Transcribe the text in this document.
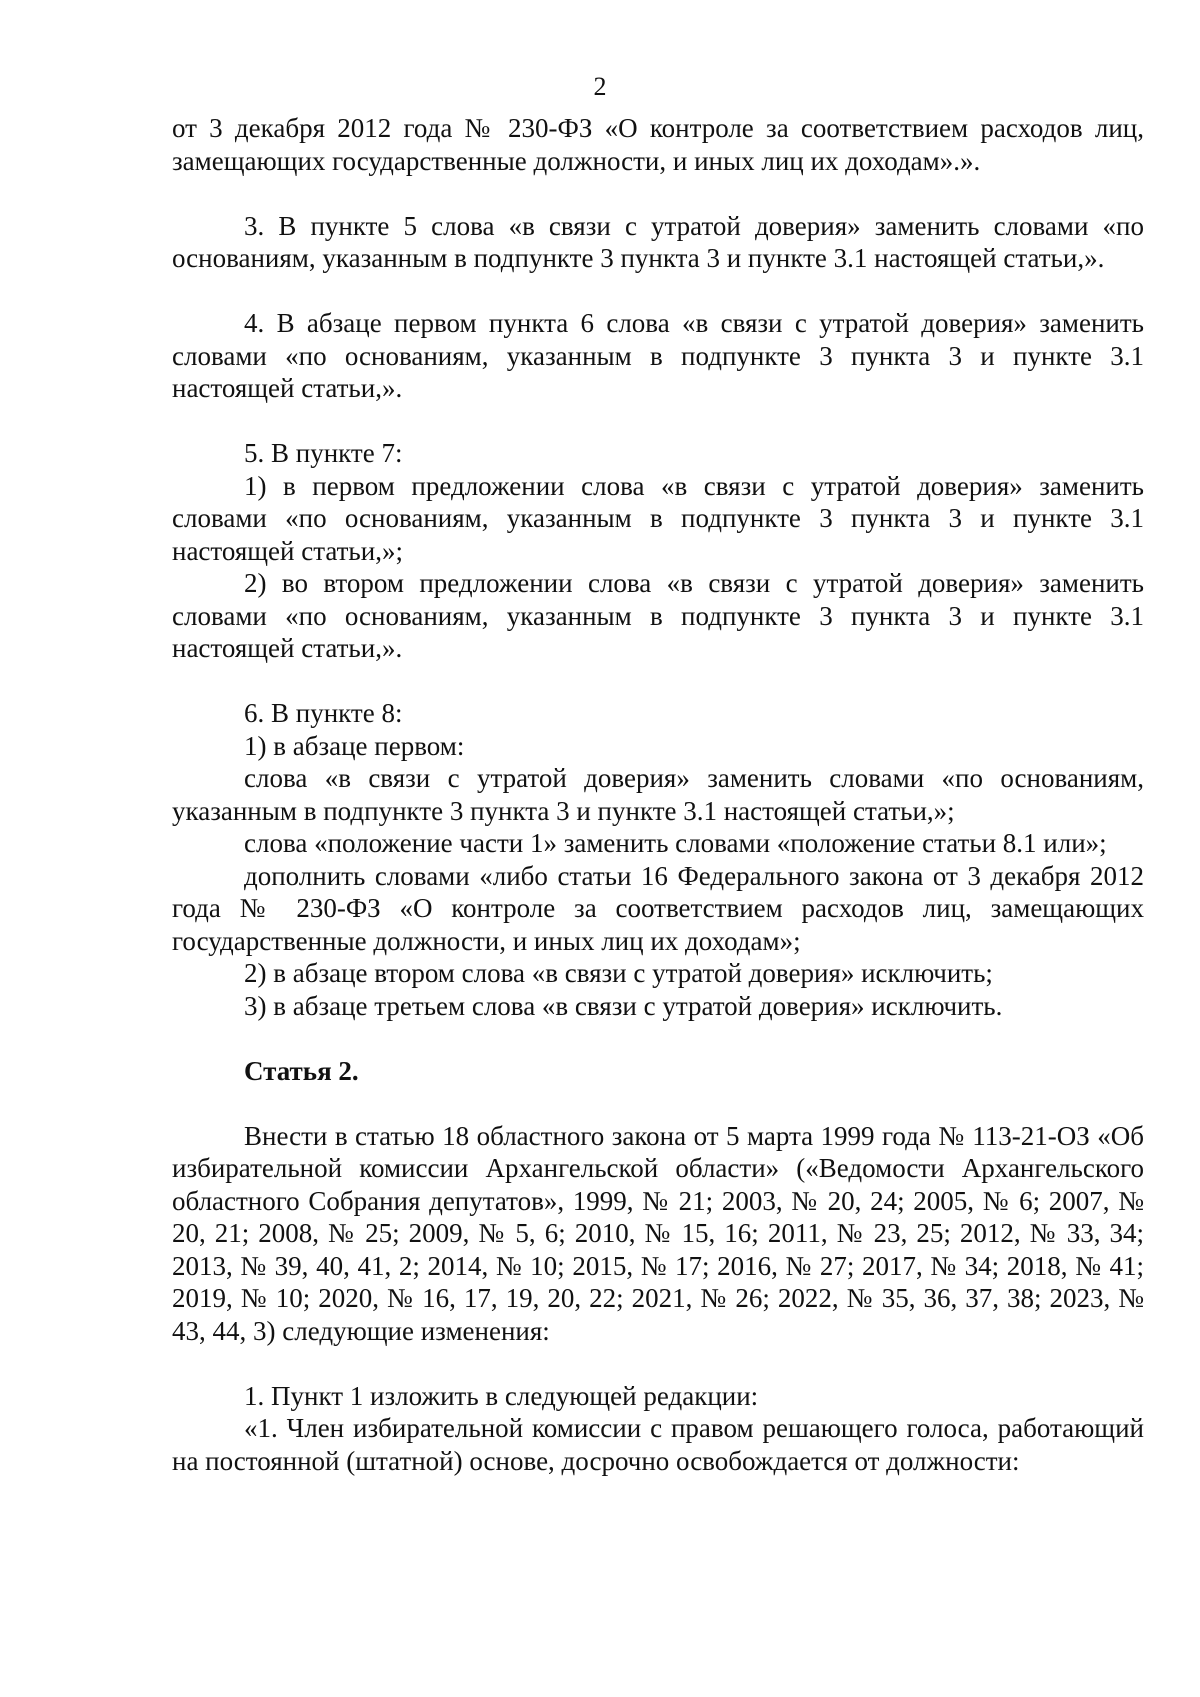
2

от 3 декабря 2012 года № 230-ФЗ «О контроле за соответствием расходов лиц, замещающих государственные должности, и иных лиц их доходам».».

3. В пункте 5 слова «в связи с утратой доверия» заменить словами «по основаниям, указанным в подпункте 3 пункта 3 и пункте 3.1 настоящей статьи,».

4. В абзаце первом пункта 6 слова «в связи с утратой доверия» заменить словами «по основаниям, указанным в подпункте 3 пункта 3 и пункте 3.1 настоящей статьи,».

5. В пункте 7:

1) в первом предложении слова «в связи с утратой доверия» заменить словами «по основаниям, указанным в подпункте 3 пункта 3 и пункте 3.1 настоящей статьи,»;

2) во втором предложении слова «в связи с утратой доверия» заменить словами «по основаниям, указанным в подпункте 3 пункта 3 и пункте 3.1 настоящей статьи,».

6. В пункте 8:

1) в абзаце первом:

слова «в связи с утратой доверия» заменить словами «по основаниям, указанным в подпункте 3 пункта 3 и пункте 3.1 настоящей статьи,»;

слова «положение части 1» заменить словами «положение статьи 8.1 или»;

дополнить словами «либо статьи 16 Федерального закона от 3 декабря 2012 года № 230-ФЗ «О контроле за соответствием расходов лиц, замещающих государственные должности, и иных лиц их доходам»;

2) в абзаце втором слова «в связи с утратой доверия» исключить;

3) в абзаце третьем слова «в связи с утратой доверия» исключить.

Статья 2.

Внести в статью 18 областного закона от 5 марта 1999 года № 113-21-ОЗ «Об избирательной комиссии Архангельской области» («Ведомости Архангельского областного Собрания депутатов», 1999, № 21; 2003, № 20, 24; 2005, № 6; 2007, № 20, 21; 2008, № 25; 2009, № 5, 6; 2010, № 15, 16; 2011, № 23, 25; 2012, № 33, 34; 2013, № 39, 40, 41, 2; 2014, № 10; 2015, № 17; 2016, № 27; 2017, № 34; 2018, № 41; 2019, № 10; 2020, № 16, 17, 19, 20, 22; 2021, № 26; 2022, № 35, 36, 37, 38; 2023, № 43, 44, 3) следующие изменения:

1. Пункт 1 изложить в следующей редакции:

«1. Член избирательной комиссии с правом решающего голоса, работающий на постоянной (штатной) основе, досрочно освобождается от должности:
